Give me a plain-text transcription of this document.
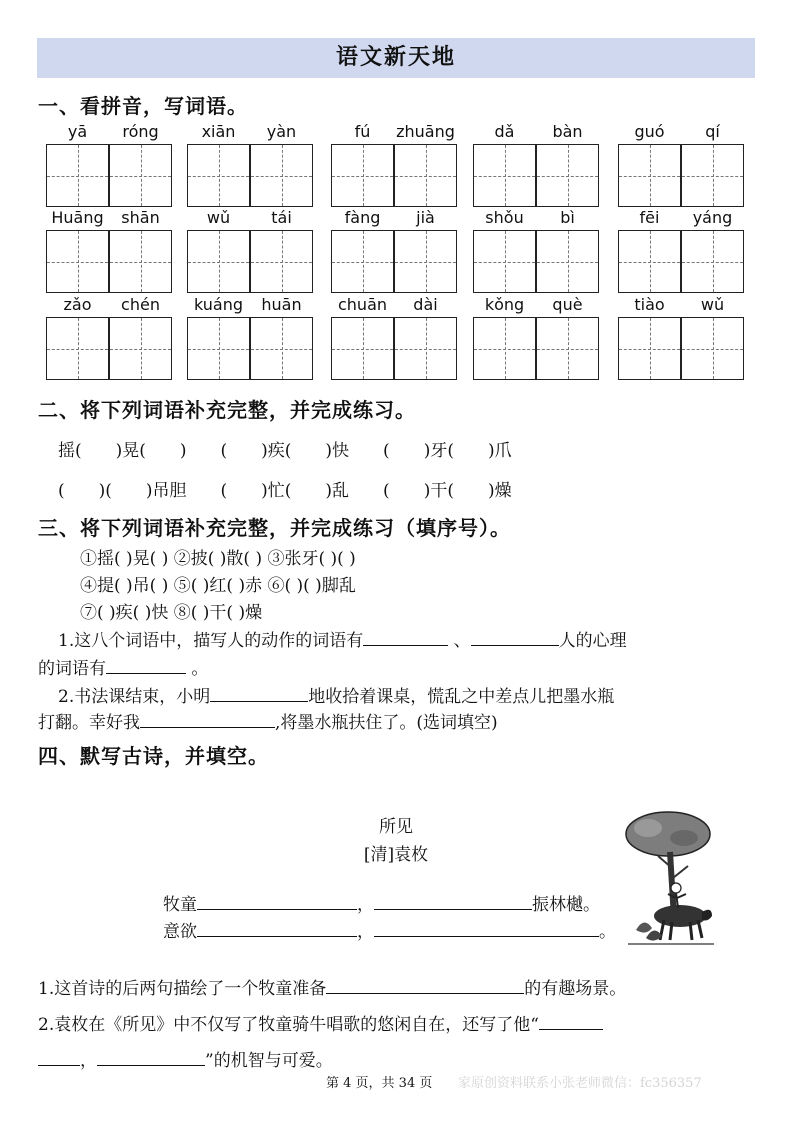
语文新天地
一、看拼音，写词语。
yā	róng	xiān	yàn	fú	zhuāng	dǎ	bàn	guó	qí
Huāng	shān	wǔ	tái	fàng	jià	shǒu	bì	fēi	yáng
zǎo	chén	kuáng	huān	chuān	dài	kǒng	què	tiào	wǔ
二、将下列词语补充完整，并完成练习。
摇(　　)晃(　　)　　(　　)疾(　　)快　　(　　)牙(　　)爪
(　　)(　　)吊胆　　(　　)忙(　　)乱　　(　　)干(　　)燥
三、将下列词语补充完整，并完成练习（填序号）。
①摇( )晃( ) ②披( )散( ) ③张牙( )( )
④提( )吊( ) ⑤( )红( )赤 ⑥( )( )脚乱
⑦( )疾( )快 ⑧( )干( )燥
1.这八个词语中，描写人的动作的词语有	、	人的心理
的词语有	。
2.书法课结束，小明	地收拾着课桌，慌乱之中差点儿把墨水瓶
打翻。幸好我	,将墨水瓶扶住了。(选词填空)
四、默写古诗，并填空。
所见
[清]袁枚
牧童	，	振林樾。
意欲	，	。
1.这首诗的后两句描绘了一个牧童准备	的有趣场景。
2.袁枚在《所见》中不仅写了牧童骑牛唱歌的悠闲自在，还写了他“
，	”的机智与可爱。
第 4 页，共 34 页 家原创资料联系小张老师微信：fc356357
